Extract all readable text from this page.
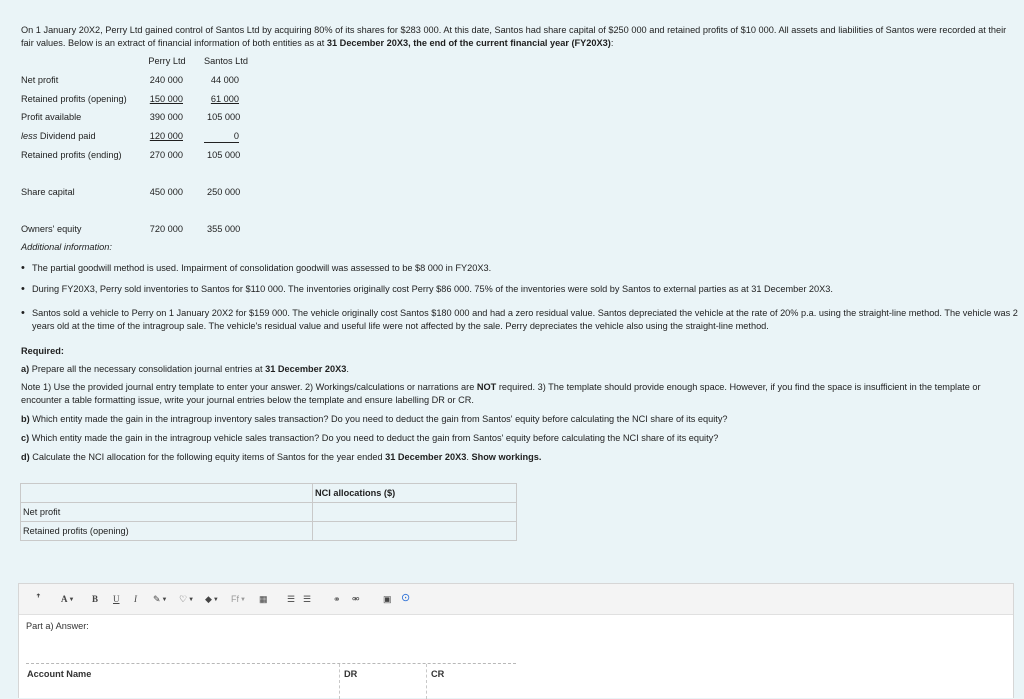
On 1 January 20X2, Perry Ltd gained control of Santos Ltd by acquiring 80% of its shares for $283 000. At this date, Santos had share capital of $250 000 and retained profits of $10 000. All assets and liabilities of Santos were recorded at their fair values. Below is an extract of financial information of both entities as at 31 December 20X3, the end of the current financial year (FY20X3):
Perry Ltd Santos Ltd
Net profit	240 000	44 000
Retained profits (opening)	150 000	61 000
Profit available	390 000	105 000
less Dividend paid	120 000	0
Retained profits (ending)	270 000	105 000
Share capital	450 000	250 000
Owners' equity	720 000	355 000
Additional information:
• The partial goodwill method is used. Impairment of consolidation goodwill was assessed to be $8 000 in FY20X3.
• During FY20X3, Perry sold inventories to Santos for $110 000. The inventories originally cost Perry $86 000. 75% of the inventories were sold by Santos to external parties as at 31 December 20X3.
• Santos sold a vehicle to Perry on 1 January 20X2 for $159 000. The vehicle originally cost Santos $180 000 and had a zero residual value. Santos depreciated the vehicle at the rate of 20% p.a. using the straight-line method. The vehicle was 2 years old at the time of the intragroup sale. The vehicle's residual value and useful life were not affected by the sale. Perry depreciates the vehicle also using the straight-line method.
Required:
a) Prepare all the necessary consolidation journal entries at 31 December 20X3.
Note 1) Use the provided journal entry template to enter your answer. 2) Workings/calculations or narrations are NOT required. 3) The template should provide enough space. However, if you find the space is insufficient in the template or encounter a table formatting issue, write your journal entries below the template and ensure labelling DR or CR.
b) Which entity made the gain in the intragroup inventory sales transaction? Do you need to deduct the gain from Santos' equity before calculating the NCI share of its equity?
c) Which entity made the gain in the intragroup vehicle sales transaction? Do you need to deduct the gain from Santos' equity before calculating the NCI share of its equity?
d) Calculate the NCI allocation for the following equity items of Santos for the year ended 31 December 20X3. Show workings.
	NCI allocations ($)
Net profit	
Retained profits (opening)	
ꜛ A▼ B U I ✎▼ ♡▼ ◆▼ Ff▼ ▦ ☰ ☰ ⚭ ⚮	▣ ⊙
Part a) Answer:
Account Name	DR	CR
